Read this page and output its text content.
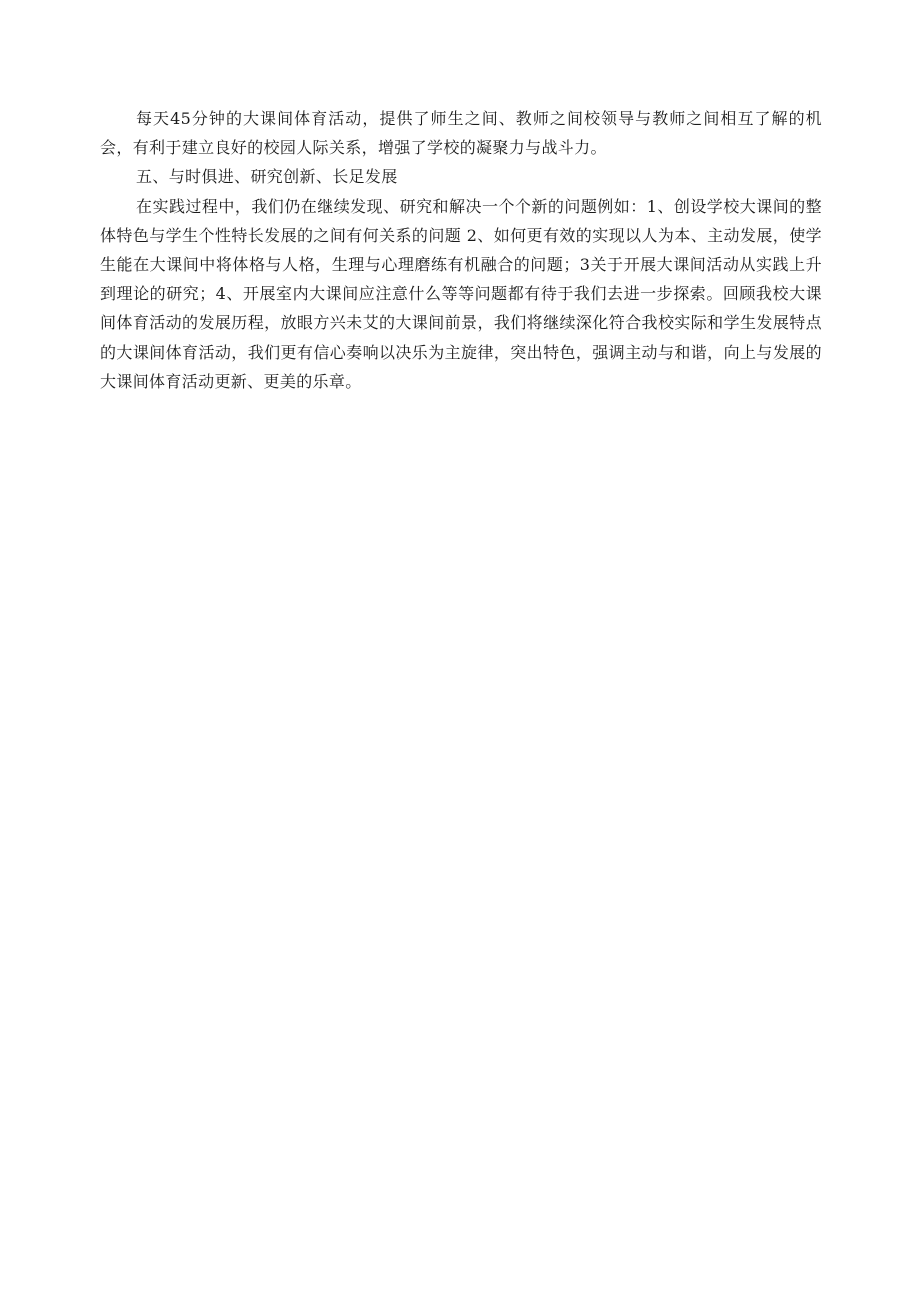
每天45分钟的大课间体育活动，提供了师生之间、教师之间校领导与教师之间相互了解的机会，有利于建立良好的校园人际关系，增强了学校的凝聚力与战斗力。

五、与时俱进、研究创新、长足发展

在实践过程中，我们仍在继续发现、研究和解决一个个新的问题例如：1、创设学校大课间的整体特色与学生个性特长发展的之间有何关系的问题 2、如何更有效的实现以人为本、主动发展，使学生能在大课间中将体格与人格，生理与心理磨练有机融合的问题；3关于开展大课间活动从实践上升到理论的研究；4、开展室内大课间应注意什么等等问题都有待于我们去进一步探索。回顾我校大课间体育活动的发展历程，放眼方兴未艾的大课间前景，我们将继续深化符合我校实际和学生发展特点的大课间体育活动，我们更有信心奏响以决乐为主旋律，突出特色，强调主动与和谐，向上与发展的大课间体育活动更新、更美的乐章。
